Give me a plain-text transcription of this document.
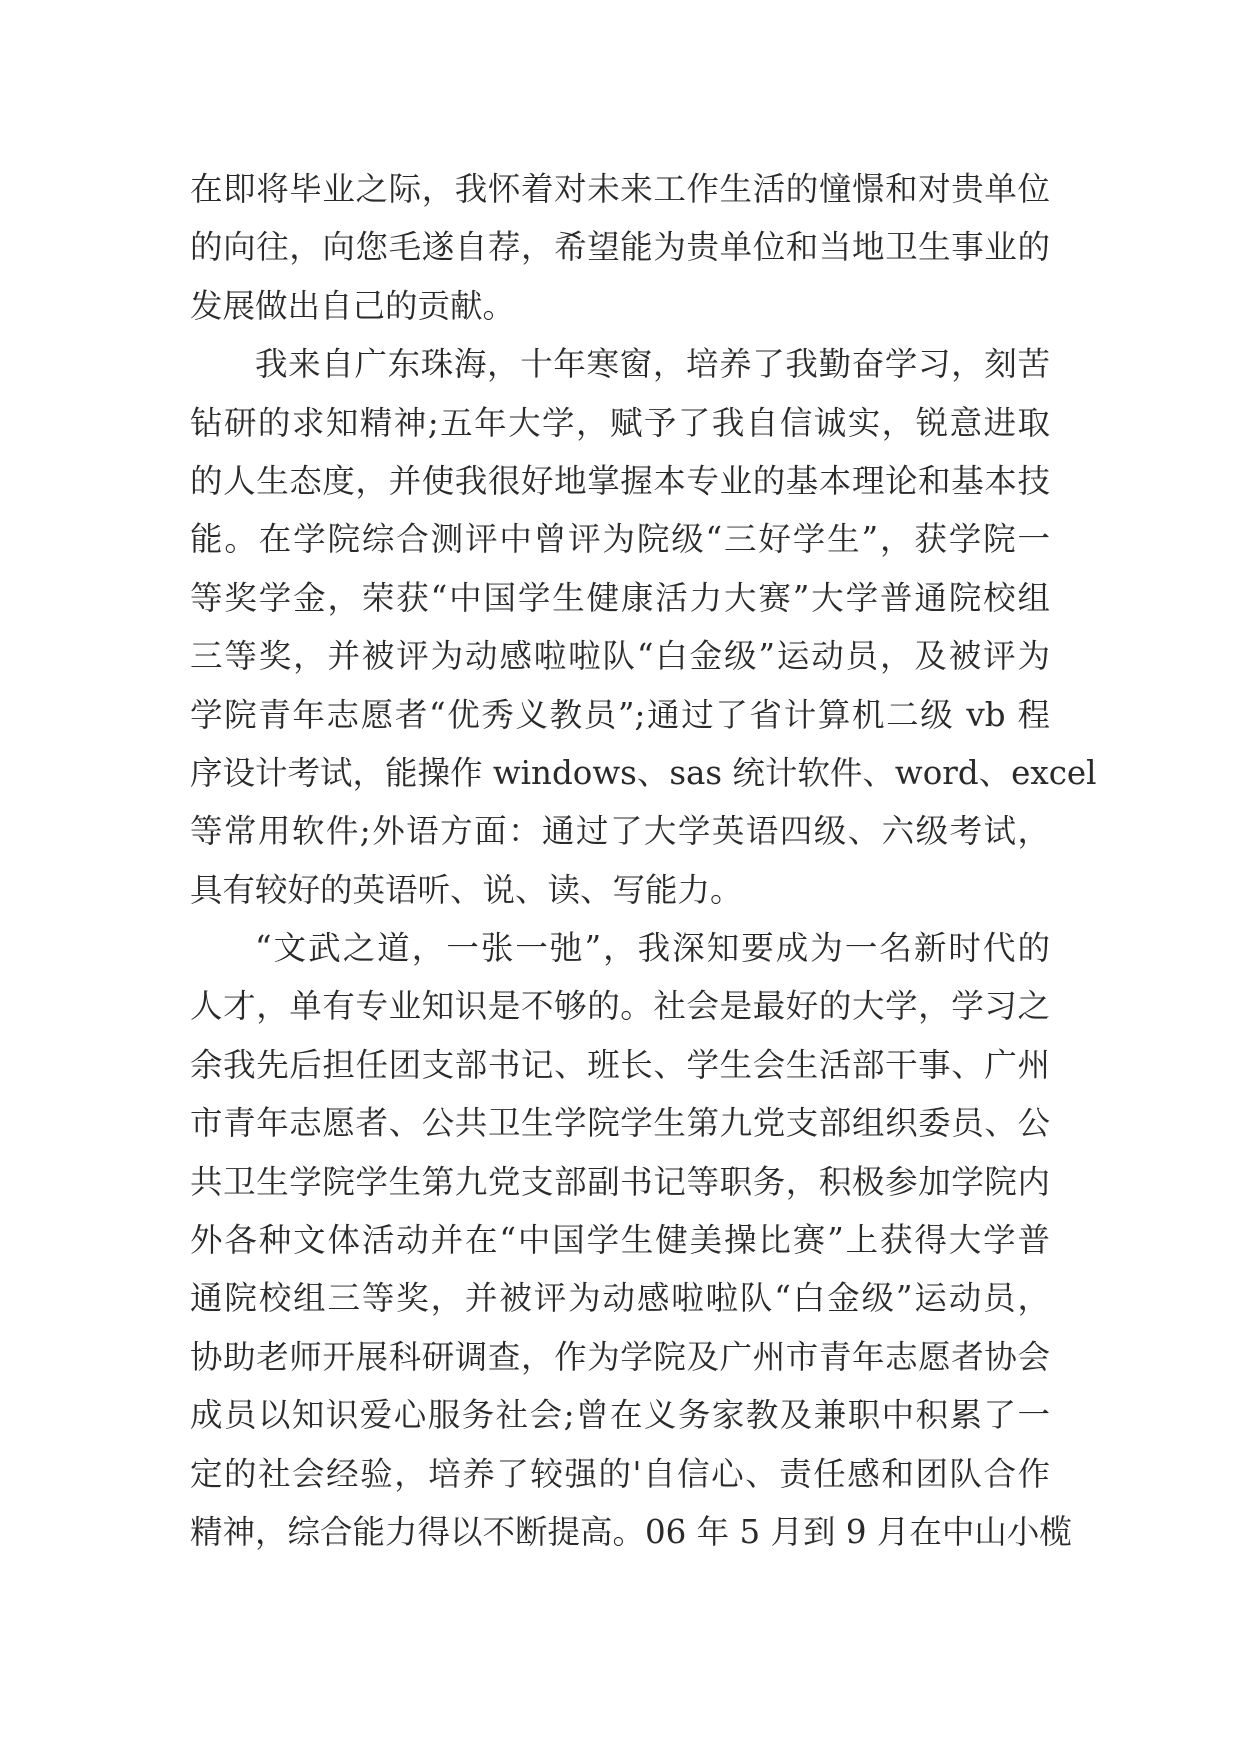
在即将毕业之际，我怀着对未来工作生活的憧憬和对贵单位
的向往，向您毛遂自荐，希望能为贵单位和当地卫生事业的
发展做出自己的贡献。
我来自广东珠海，十年寒窗，培养了我勤奋学习，刻苦
钻研的求知精神;五年大学，赋予了我自信诚实，锐意进取
的人生态度，并使我很好地掌握本专业的基本理论和基本技
能。在学院综合测评中曾评为院级“三好学生”，获学院一
等奖学金，荣获“中国学生健康活力大赛”大学普通院校组
三等奖，并被评为动感啦啦队“白金级”运动员，及被评为
学院青年志愿者“优秀义教员”;通过了省计算机二级 vb 程
序设计考试，能操作 windows、sas 统计软件、word、excel
等常用软件;外语方面：通过了大学英语四级、六级考试，
具有较好的英语听、说、读、写能力。
“文武之道，一张一弛”，我深知要成为一名新时代的
人才，单有专业知识是不够的。社会是最好的大学，学习之
余我先后担任团支部书记、班长、学生会生活部干事、广州
市青年志愿者、公共卫生学院学生第九党支部组织委员、公
共卫生学院学生第九党支部副书记等职务，积极参加学院内
外各种文体活动并在“中国学生健美操比赛”上获得大学普
通院校组三等奖，并被评为动感啦啦队“白金级”运动员，
协助老师开展科研调查，作为学院及广州市青年志愿者协会
成员以知识爱心服务社会;曾在义务家教及兼职中积累了一
定的社会经验，培养了较强的'自信心、责任感和团队合作
精神，综合能力得以不断提高。06 年 5 月到 9 月在中山小榄
